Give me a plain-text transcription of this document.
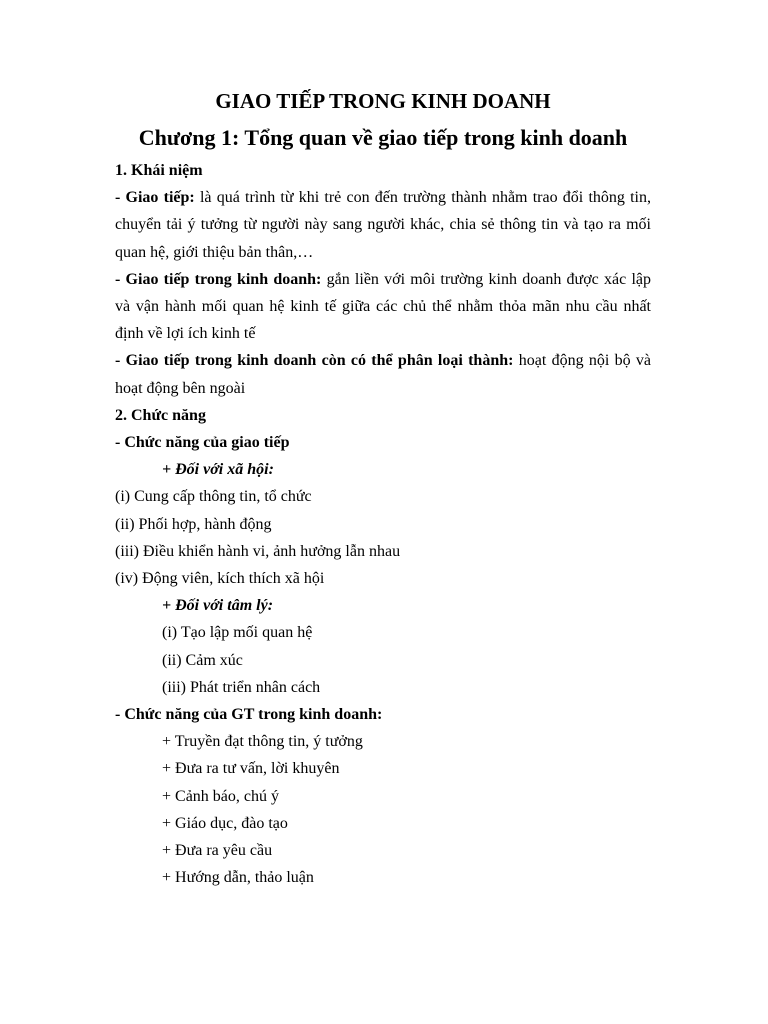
GIAO TIẾP TRONG KINH DOANH
Chương 1: Tổng quan về giao tiếp trong kinh doanh

1. Khái niệm

- Giao tiếp: là quá trình từ khi trẻ con đến trường thành nhằm trao đổi thông tin, chuyển tải ý tưởng từ người này sang người khác, chia sẻ thông tin và tạo ra mối quan hệ, giới thiệu bản thân,…

- Giao tiếp trong kinh doanh: gắn liền với môi trường kinh doanh được xác lập và vận hành mối quan hệ kinh tế giữa các chủ thể nhằm thỏa mãn nhu cầu nhất định về lợi ích kinh tế

- Giao tiếp trong kinh doanh còn có thể phân loại thành: hoạt động nội bộ và hoạt động bên ngoài

2. Chức năng

- Chức năng của giao tiếp

+ Đối với xã hội:

(i) Cung cấp thông tin, tổ chức

(ii) Phối hợp, hành động

(iii) Điều khiển hành vi, ảnh hưởng lẫn nhau

(iv) Động viên, kích thích xã hội

+ Đối với tâm lý:

(i) Tạo lập mối quan hệ

(ii) Cảm xúc

(iii) Phát triển nhân cách

- Chức năng của GT trong kinh doanh:

+ Truyền đạt thông tin, ý tưởng

+ Đưa ra tư vấn, lời khuyên

+ Cảnh báo, chú ý

+ Giáo dục, đào tạo

+ Đưa ra yêu cầu

+ Hướng dẫn, thảo luận
